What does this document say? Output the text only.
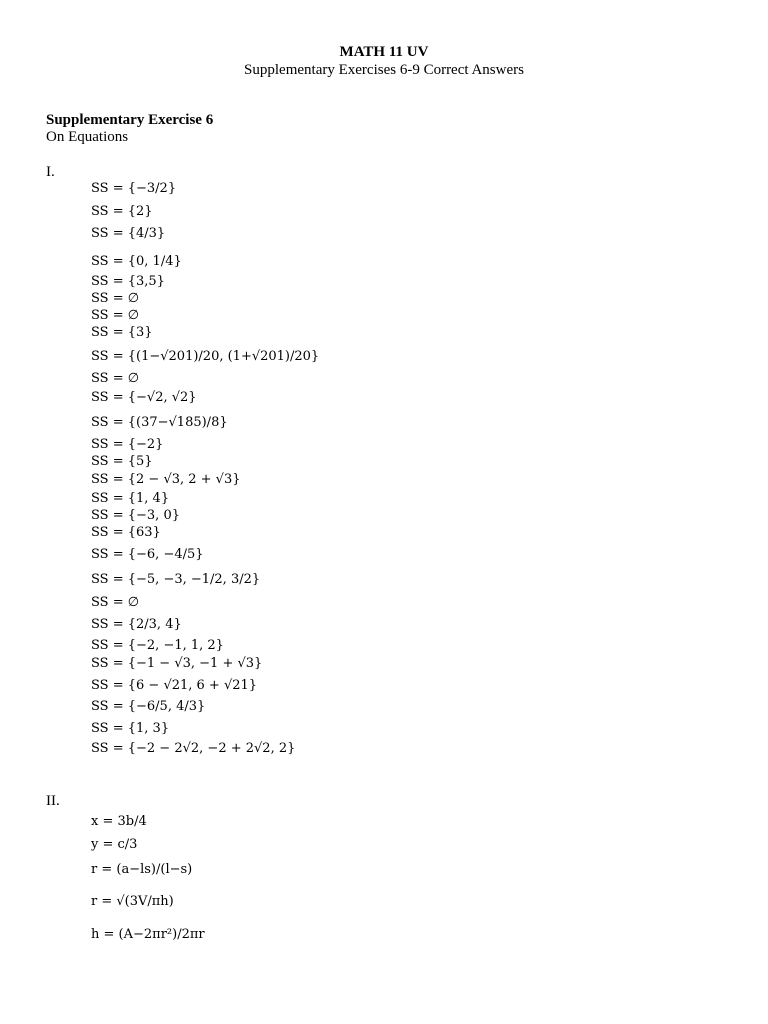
MATH 11 UV
Supplementary Exercises 6-9 Correct Answers
Supplementary Exercise 6
On Equations
I.
SS = {−3/2}
SS = {2}
SS = {4/3}
SS = {0, 1/4}
SS = {3,5}
SS = ∅
SS = ∅
SS = {3}
SS = {(1−√201)/20, (1+√201)/20}
SS = ∅
SS = {−√2, √2}
SS = {(37−√185)/8}
SS = {−2}
SS = {5}
SS = {2 − √3, 2 + √3}
SS = {1, 4}
SS = {−3, 0}
SS = {63}
SS = {−6, −4/5}
SS = {−5, −3, −1/2, 3/2}
SS = ∅
SS = {2/3, 4}
SS = {−2, −1, 1, 2}
SS = {−1 − √3, −1 + √3}
SS = {6 − √21, 6 + √21}
SS = {−6/5, 4/3}
SS = {1, 3}
SS = {−2 − 2√2, −2 + 2√2, 2}
II.
x = 3b/4
y = c/3
r = (a−ls)/(l−s)
r = √(3V/πh)
h = (A−2πr²)/2πr
